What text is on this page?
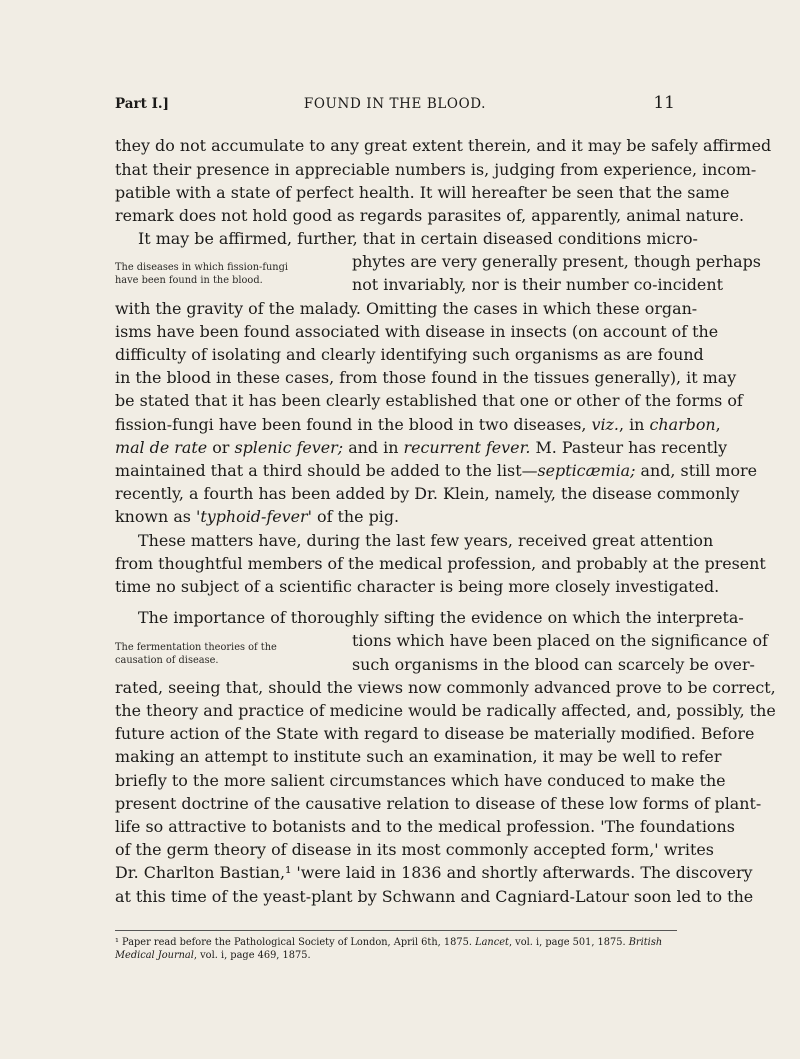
Part I.]	FOUND IN THE BLOOD.	11
they do not accumulate to any great extent therein, and it may be safely affirmed
that their presence in appreciable numbers is, judging from experience, incom-
patible with a state of perfect health. It will hereafter be seen that the same
remark does not hold good as regards parasites of, apparently, animal nature.
It may be affirmed, further, that in certain diseased conditions micro-
phytes are very generally present, though perhaps
not invariably, nor is their number co-incident
with the gravity of the malady. Omitting the cases in which these organ-
isms have been found associated with disease in insects (on account of the
difficulty of isolating and clearly identifying such organisms as are found
in the blood in these cases, from those found in the tissues generally), it may
be stated that it has been clearly established that one or other of the forms of
fission-fungi have been found in the blood in two diseases, viz., in charbon,
mal de rate or splenic fever; and in recurrent fever. M. Pasteur has recently
maintained that a third should be added to the list—septicæmia; and, still more
recently, a fourth has been added by Dr. Klein, namely, the disease commonly
known as 'typhoid-fever' of the pig.
These matters have, during the last few years, received great attention
from thoughtful members of the medical profession, and probably at the present
time no subject of a scientific character is being more closely investigated.
The importance of thoroughly sifting the evidence on which the interpreta-
tions which have been placed on the significance of
such organisms in the blood can scarcely be over-
rated, seeing that, should the views now commonly advanced prove to be correct,
the theory and practice of medicine would be radically affected, and, possibly, the
future action of the State with regard to disease be materially modified. Before
making an attempt to institute such an examination, it may be well to refer
briefly to the more salient circumstances which have conduced to make the
present doctrine of the causative relation to disease of these low forms of plant-
life so attractive to botanists and to the medical profession. 'The foundations
of the germ theory of disease in its most commonly accepted form,' writes
Dr. Charlton Bastian,¹ 'were laid in 1836 and shortly afterwards. The discovery
at this time of the yeast-plant by Schwann and Cagniard-Latour soon led to the
The diseases in which fission-fungi
have been found in the blood.
The fermentation theories of the
causation of disease.
¹ Paper read before the Pathological Society of London, April 6th, 1875. Lancet, vol. i, page 501, 1875. British
Medical Journal, vol. i, page 469, 1875.
